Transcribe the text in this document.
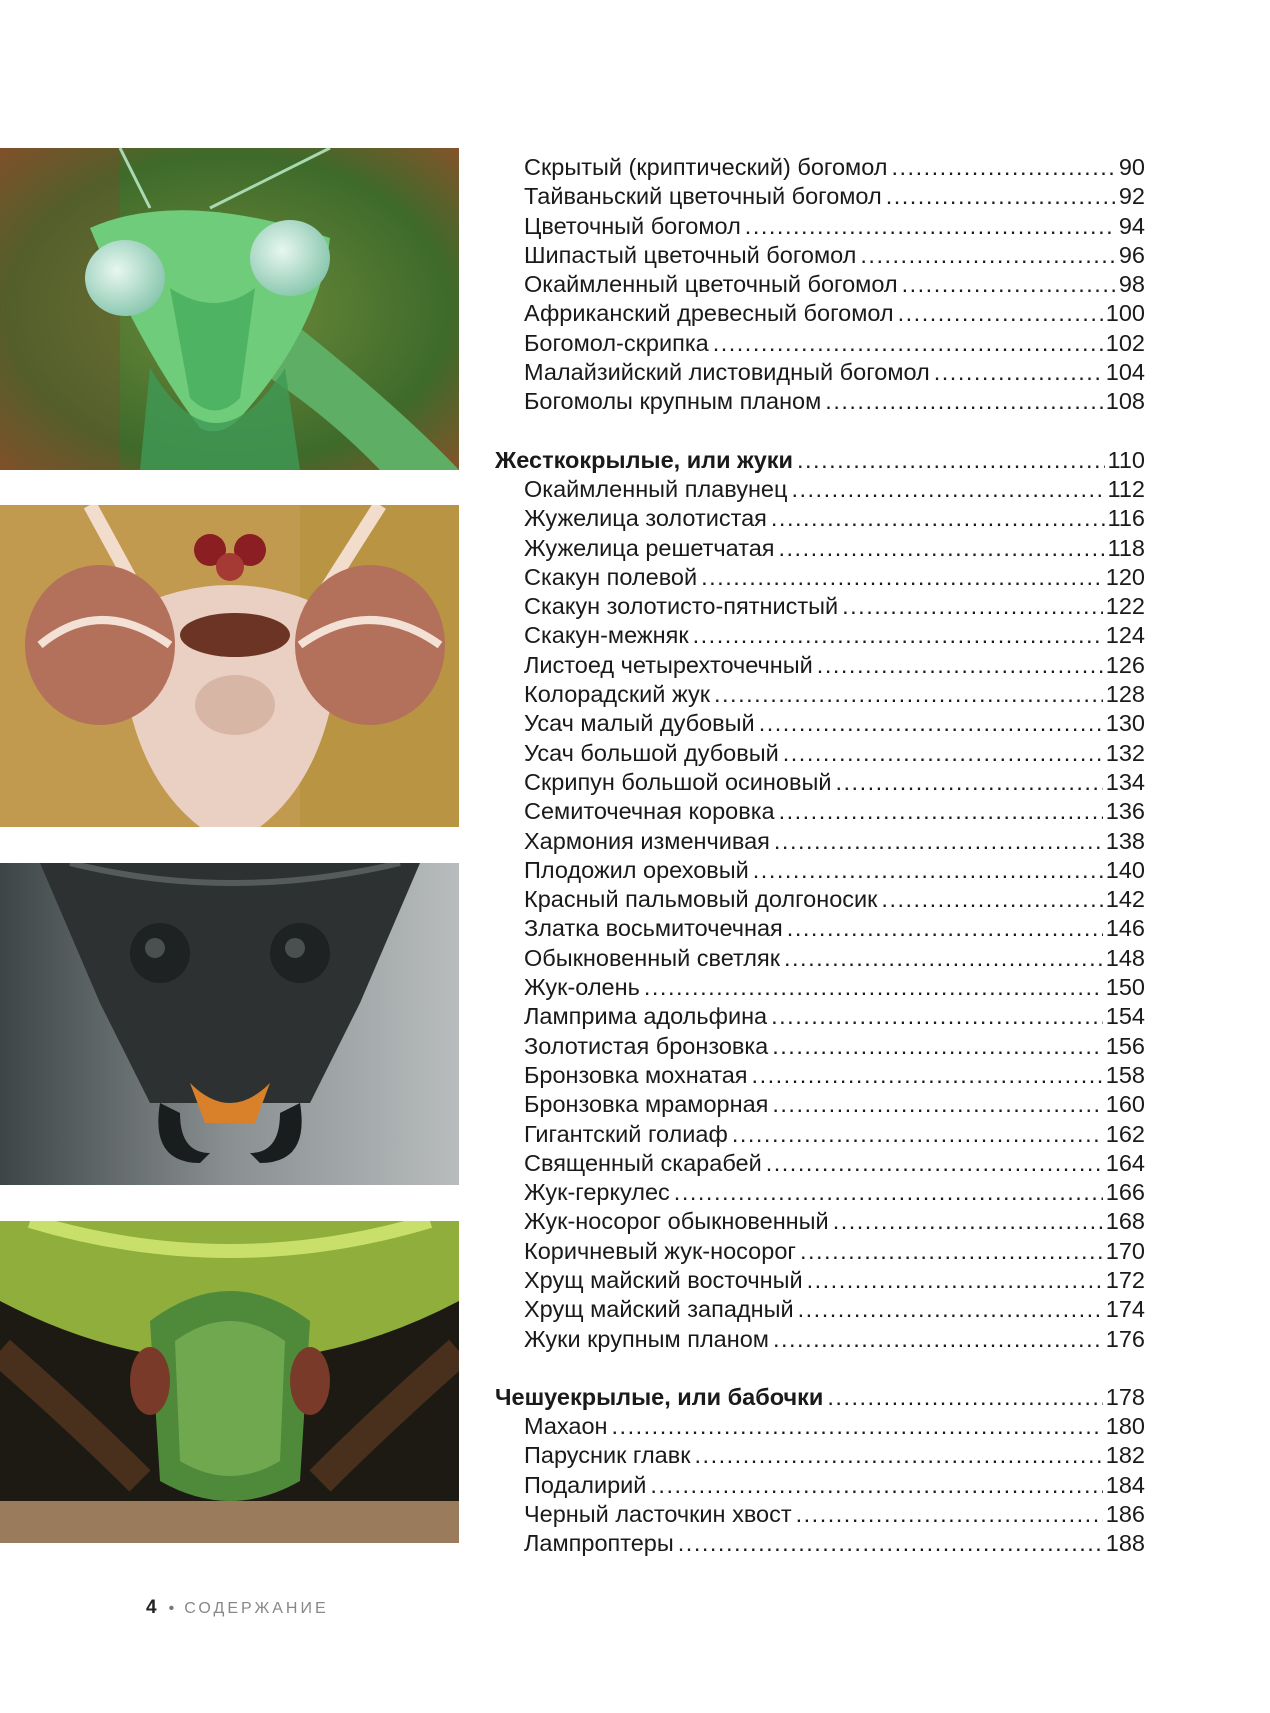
Скрытый (криптический) богомол .....	90
Тайваньский цветочный богомол .....	92
Цветочный богомол .....	94
Шипастый цветочный богомол .....	96
Окаймленный цветочный богомол .....	98
Африканский древесный богомол .....	100
Богомол-скрипка .....	102
Малайзийский листовидный богомол .....	104
Богомолы крупным планом .....	108
Жесткокрылые, или жуки .....	110
Окаймленный плавунец .....	112
Жужелица золотистая .....	116
Жужелица решетчатая .....	118
Скакун полевой .....	120
Скакун золотисто-пятнистый .....	122
Скакун-межняк .....	124
Листоед четырехточечный .....	126
Колорадский жук .....	128
Усач малый дубовый .....	130
Усач большой дубовый .....	132
Скрипун большой осиновый .....	134
Семиточечная коровка .....	136
Хармония изменчивая .....	138
Плодожил ореховый .....	140
Красный пальмовый долгоносик .....	142
Златка восьмиточечная .....	146
Обыкновенный светляк .....	148
Жук-олень .....	150
Ламприма адольфина .....	154
Золотистая бронзовка .....	156
Бронзовка мохнатая .....	158
Бронзовка мраморная .....	160
Гигантский голиаф .....	162
Священный скарабей .....	164
Жук-геркулес .....	166
Жук-носорог обыкновенный .....	168
Коричневый жук-носорог .....	170
Хрущ майский восточный .....	172
Хрущ майский западный .....	174
Жуки крупным планом .....	176
Чешуекрылые, или бабочки .....	178
Махаон .....	180
Парусник главк .....	182
Подалирий .....	184
Черный ласточкин хвост .....	186
Лампроптеры .....	188
4 • СОДЕРЖАНИЕ
